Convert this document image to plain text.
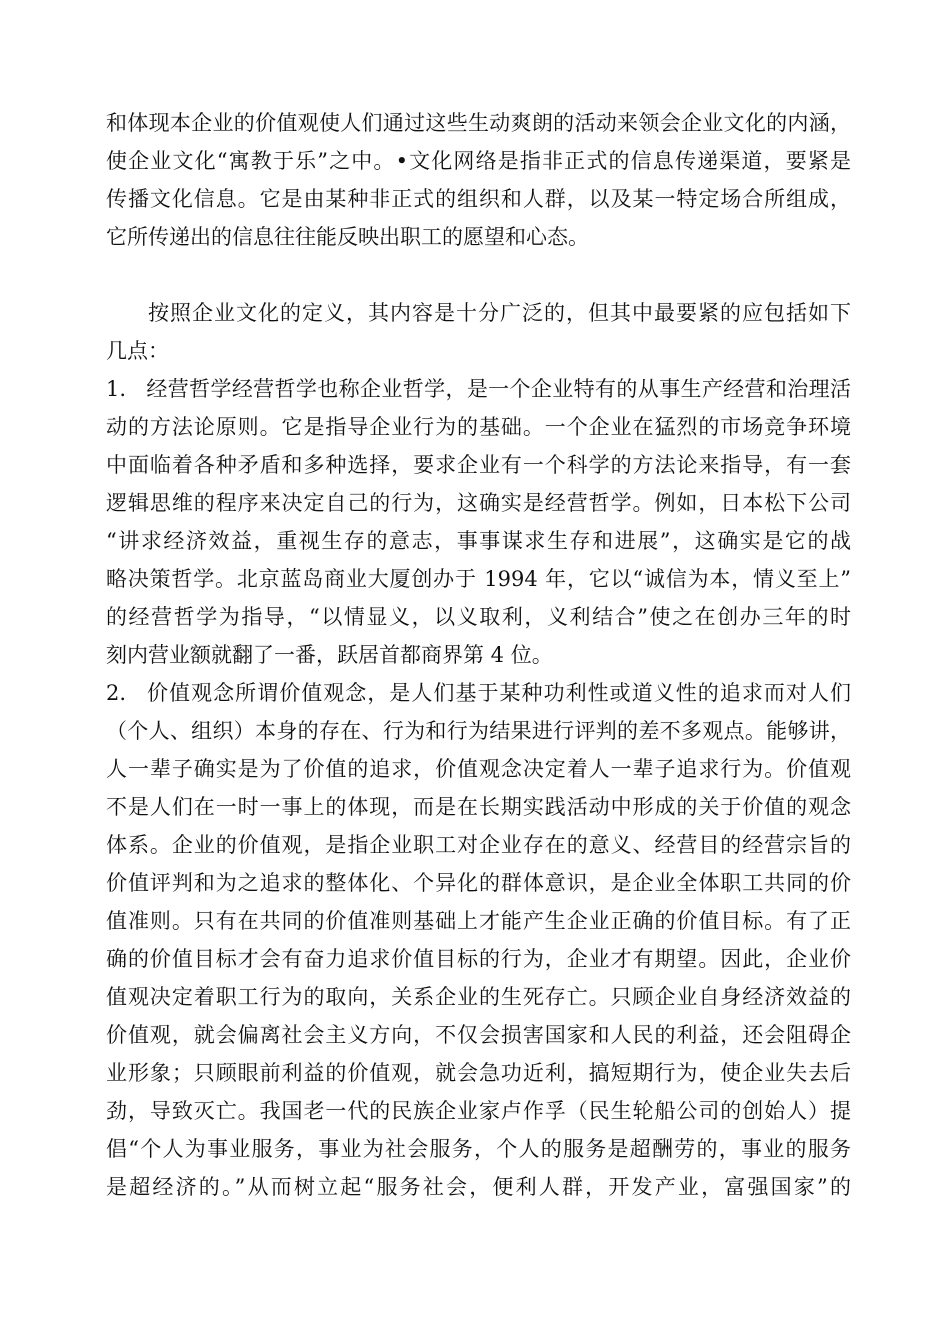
和体现本企业的价值观使人们通过这些生动爽朗的活动来领会企业文化的内涵，
使企业文化“寓教于乐”之中。•文化网络是指非正式的信息传递渠道，要紧是
传播文化信息。它是由某种非正式的组织和人群，以及某一特定场合所组成，
它所传递出的信息往往能反映出职工的愿望和心态。
按照企业文化的定义，其内容是十分广泛的，但其中最要紧的应包括如下
几点：
1. 经营哲学经营哲学也称企业哲学，是一个企业特有的从事生产经营和治理活
动的方法论原则。它是指导企业行为的基础。一个企业在猛烈的市场竞争环境
中面临着各种矛盾和多种选择，要求企业有一个科学的方法论来指导，有一套
逻辑思维的程序来决定自己的行为，这确实是经营哲学。例如，日本松下公司
“讲求经济效益，重视生存的意志，事事谋求生存和进展”，这确实是它的战
略决策哲学。北京蓝岛商业大厦创办于 1994 年，它以“诚信为本，情义至上”
的经营哲学为指导，“以情显义，以义取利，义利结合”使之在创办三年的时
刻内营业额就翻了一番，跃居首都商界第 4 位。
2. 价值观念所谓价值观念，是人们基于某种功利性或道义性的追求而对人们
（个人、组织）本身的存在、行为和行为结果进行评判的差不多观点。能够讲，
人一辈子确实是为了价值的追求，价值观念决定着人一辈子追求行为。价值观
不是人们在一时一事上的体现，而是在长期实践活动中形成的关于价值的观念
体系。企业的价值观，是指企业职工对企业存在的意义、经营目的经营宗旨的
价值评判和为之追求的整体化、个异化的群体意识，是企业全体职工共同的价
值准则。只有在共同的价值准则基础上才能产生企业正确的价值目标。有了正
确的价值目标才会有奋力追求价值目标的行为，企业才有期望。因此，企业价
值观决定着职工行为的取向，关系企业的生死存亡。只顾企业自身经济效益的
价值观，就会偏离社会主义方向，不仅会损害国家和人民的利益，还会阻碍企
业形象；只顾眼前利益的价值观，就会急功近利，搞短期行为，使企业失去后
劲，导致灭亡。我国老一代的民族企业家卢作孚（民生轮船公司的创始人）提
倡“个人为事业服务，事业为社会服务，个人的服务是超酬劳的，事业的服务
是超经济的。”从而树立起“服务社会，便利人群，开发产业，富强国家”的
